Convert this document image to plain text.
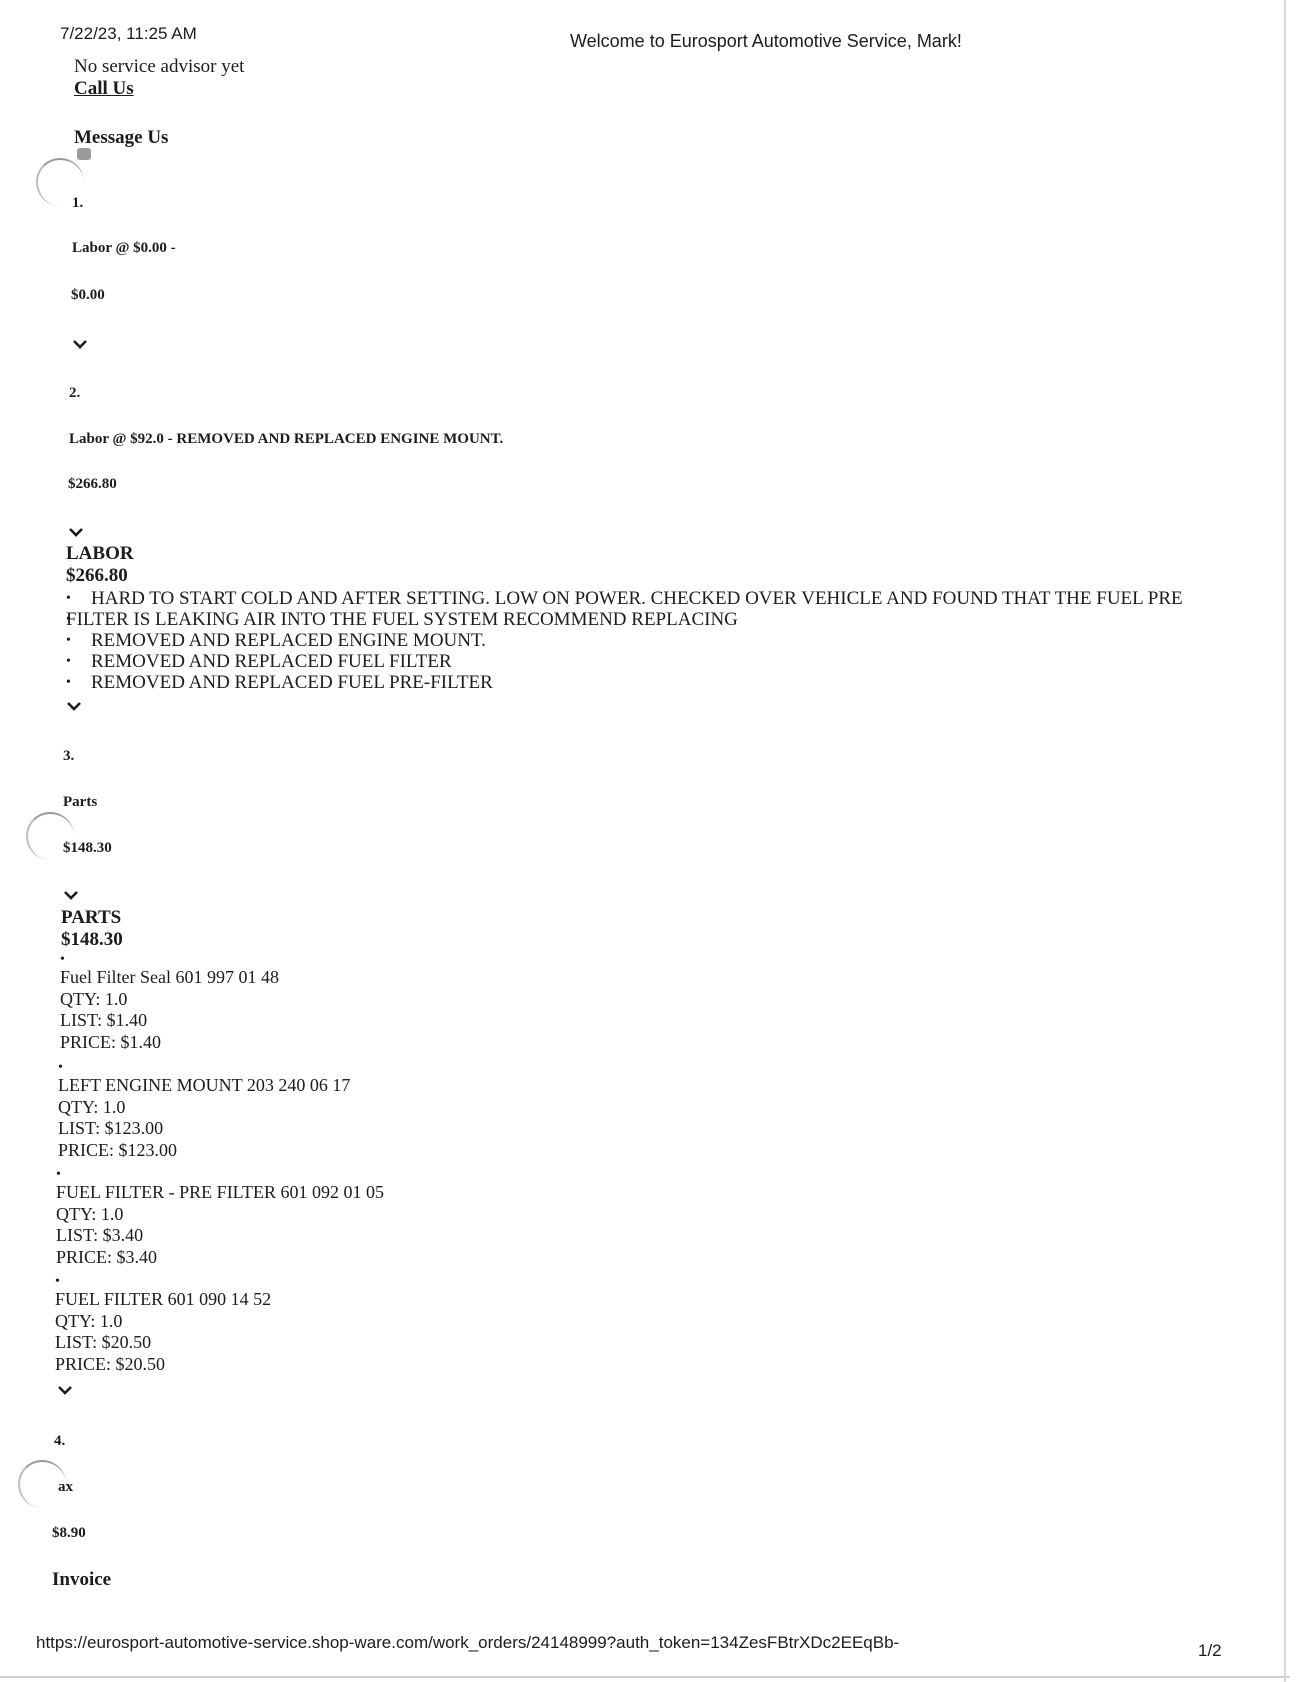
7/22/23, 11:25 AM	Welcome to Eurosport Automotive Service, Mark!
No service advisor yet
Call Us
Message Us
1.
Labor @ $0.00 -
$0.00
2.
Labor @ $92.0 - REMOVED AND REPLACED ENGINE MOUNT.
$266.80
LABOR
$266.80
• HARD TO START COLD AND AFTER SETTING. LOW ON POWER. CHECKED OVER VEHICLE AND FOUND THAT THE FUEL PRE
• FILTER IS LEAKING AIR INTO THE FUEL SYSTEM RECOMMEND REPLACING
• REMOVED AND REPLACED ENGINE MOUNT.
• REMOVED AND REPLACED FUEL FILTER
• REMOVED AND REPLACED FUEL PRE-FILTER
3.
Parts
$148.30
PARTS
$148.30
•
Fuel Filter Seal 601 997 01 48
QTY: 1.0
LIST: $1.40
PRICE: $1.40
•
LEFT ENGINE MOUNT 203 240 06 17
QTY: 1.0
LIST: $123.00
PRICE: $123.00
•
FUEL FILTER - PRE FILTER 601 092 01 05
QTY: 1.0
LIST: $3.40
PRICE: $3.40
•
FUEL FILTER 601 090 14 52
QTY: 1.0
LIST: $20.50
PRICE: $20.50
4.
ax
$8.90
Invoice
https://eurosport-automotive-service.shop-ware.com/work_orders/24148999?auth_token=134ZesFBtrXDc2EEqBb-	1/2
